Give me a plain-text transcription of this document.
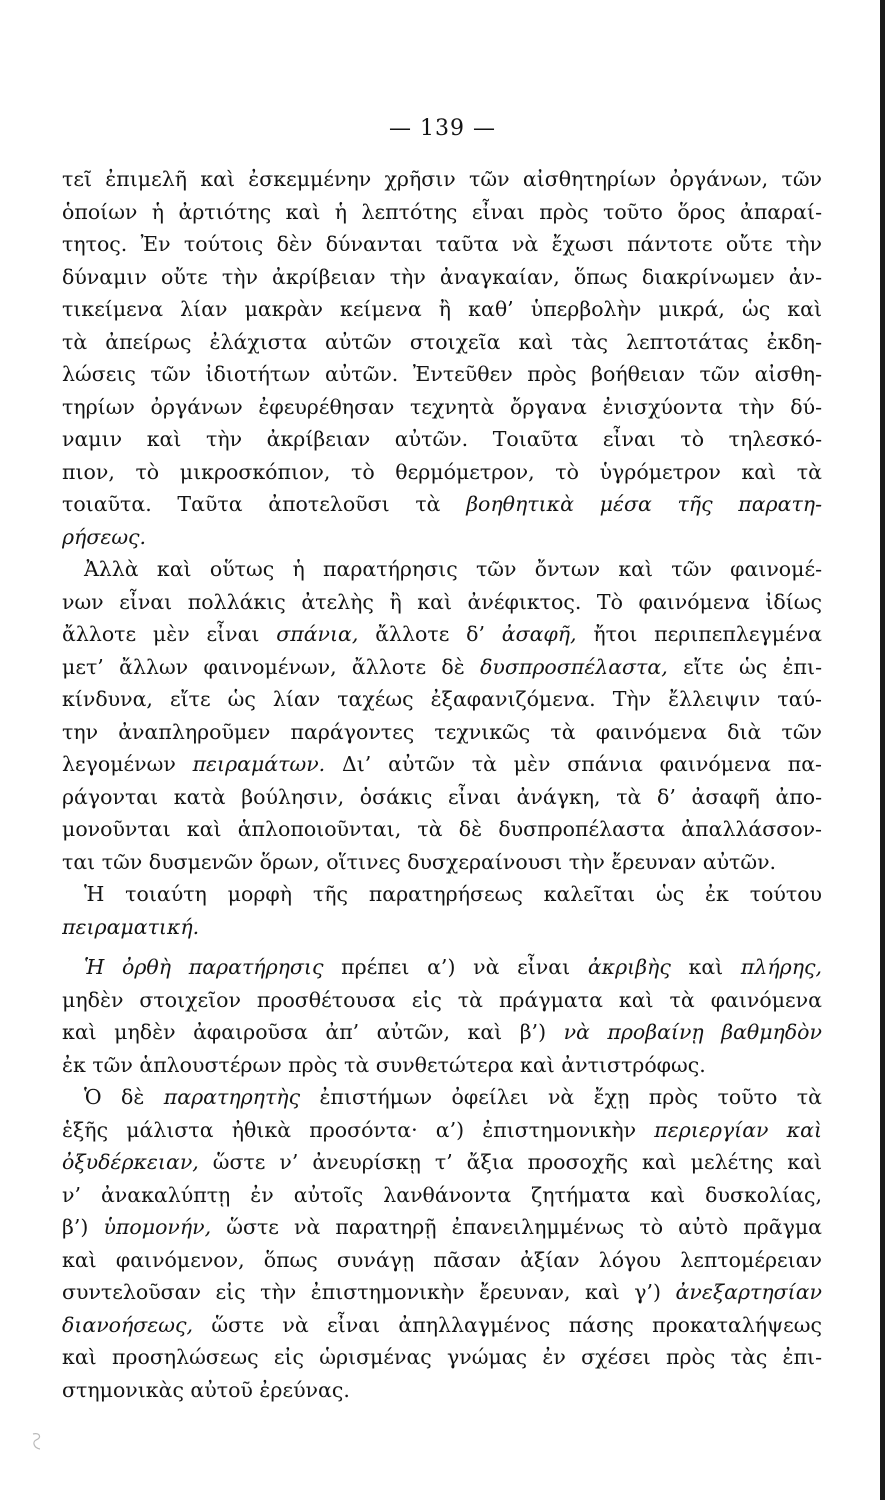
— 139 —
τεῖ ἐπιμελῆ καὶ ἐσκεμμένην χρῆσιν τῶν αἰσθητηρίων ὀργάνων, τῶν
ὁποίων ἡ ἀρτιότης καὶ ἡ λεπτότης εἶναι πρὸς τοῦτο ὅρος ἀπαραί-
τητος. Ἐν τούτοις δὲν δύνανται ταῦτα νὰ ἔχωσι πάντοτε οὔτε τὴν
δύναμιν οὔτε τὴν ἀκρίβειαν τὴν ἀναγκαίαν, ὅπως διακρίνωμεν ἀν-
τικείμενα λίαν μακρὰν κείμενα ἢ καθ’ ὑπερβολὴν μικρά, ὡς καὶ
τὰ ἀπείρως ἐλάχιστα αὐτῶν στοιχεῖα καὶ τὰς λεπτοτάτας ἐκδη-
λώσεις τῶν ἰδιοτήτων αὐτῶν. Ἐντεῦθεν πρὸς βοήθειαν τῶν αἰσθη-
τηρίων ὀργάνων ἐφευρέθησαν τεχνητὰ ὄργανα ἐνισχύοντα τὴν δύ-
ναμιν καὶ τὴν ἀκρίβειαν αὐτῶν. Τοιαῦτα εἶναι τὸ τηλεσκό-
πιον, τὸ μικροσκόπιον, τὸ θερμόμετρον, τὸ ὑγρόμετρον καὶ τὰ
τοιαῦτα. Ταῦτα ἀποτελοῦσι τὰ βοηθητικὰ μέσα τῆς παρατη-
ρήσεως.
Ἀλλὰ καὶ οὕτως ἡ παρατήρησις τῶν ὄντων καὶ τῶν φαινομέ-
νων εἶναι πολλάκις ἀτελὴς ἢ καὶ ἀνέφικτος. Τὸ φαινόμενα ἰδίως
ἄλλοτε μὲν εἶναι σπάνια, ἄλλοτε δ’ ἀσαφῆ, ἤτοι περιπεπλεγμένα
μετ’ ἄλλων φαινομένων, ἄλλοτε δὲ δυσπροσπέλαστα, εἴτε ὡς ἐπι-
κίνδυνα, εἴτε ὡς λίαν ταχέως ἐξαφανιζόμενα. Τὴν ἔλλειψιν ταύ-
την ἀναπληροῦμεν παράγοντες τεχνικῶς τὰ φαινόμενα διὰ τῶν
λεγομένων πειραμάτων. Δι’ αὐτῶν τὰ μὲν σπάνια φαινόμενα πα-
ράγονται κατὰ βούλησιν, ὁσάκις εἶναι ἀνάγκη, τὰ δ’ ἀσαφῆ ἀπο-
μονοῦνται καὶ ἁπλοποιοῦνται, τὰ δὲ δυσπροπέλαστα ἀπαλλάσσον-
ται τῶν δυσμενῶν ὅρων, οἵτινες δυσχεραίνουσι τὴν ἔρευναν αὐτῶν.
Ἡ τοιαύτη μορφὴ τῆς παρατηρήσεως καλεῖται ὡς ἐκ τούτου
πειραματική.
Ἡ ὀρθὴ παρατήρησις πρέπει α’) νὰ εἶναι ἀκριβὴς καὶ πλήρης,
μηδὲν στοιχεῖον προσθέτουσα εἰς τὰ πράγματα καὶ τὰ φαινόμενα
καὶ μηδὲν ἀφαιροῦσα ἀπ’ αὐτῶν, καὶ β’) νὰ προβαίνῃ βαθμηδὸν
ἐκ τῶν ἁπλουστέρων πρὸς τὰ συνθετώτερα καὶ ἀντιστρόφως.
Ὁ δὲ παρατηρητὴς ἐπιστήμων ὀφείλει νὰ ἔχῃ πρὸς τοῦτο τὰ
ἑξῆς μάλιστα ἠθικὰ προσόντα· α’) ἐπιστημονικὴν περιεργίαν καὶ
ὀξυδέρκειαν, ὥστε ν’ ἀνευρίσκῃ τ’ ἄξια προσοχῆς καὶ μελέτης καὶ
ν’ ἀνακαλύπτῃ ἐν αὐτοῖς λανθάνοντα ζητήματα καὶ δυσκολίας,
β’) ὑπομονήν, ὥστε νὰ παρατηρῇ ἐπανειλημμένως τὸ αὐτὸ πρᾶγμα
καὶ φαινόμενον, ὅπως συνάγῃ πᾶσαν ἀξίαν λόγου λεπτομέρειαν
συντελοῦσαν εἰς τὴν ἐπιστημονικὴν ἔρευναν, καὶ γ’) ἀνεξαρτησίαν
διανοήσεως, ὥστε νὰ εἶναι ἀπηλλαγμένος πάσης προκαταλήψεως
καὶ προσηλώσεως εἰς ὡρισμένας γνώμας ἐν σχέσει πρὸς τὰς ἐπι-
στημονικὰς αὐτοῦ ἐρεύνας.
